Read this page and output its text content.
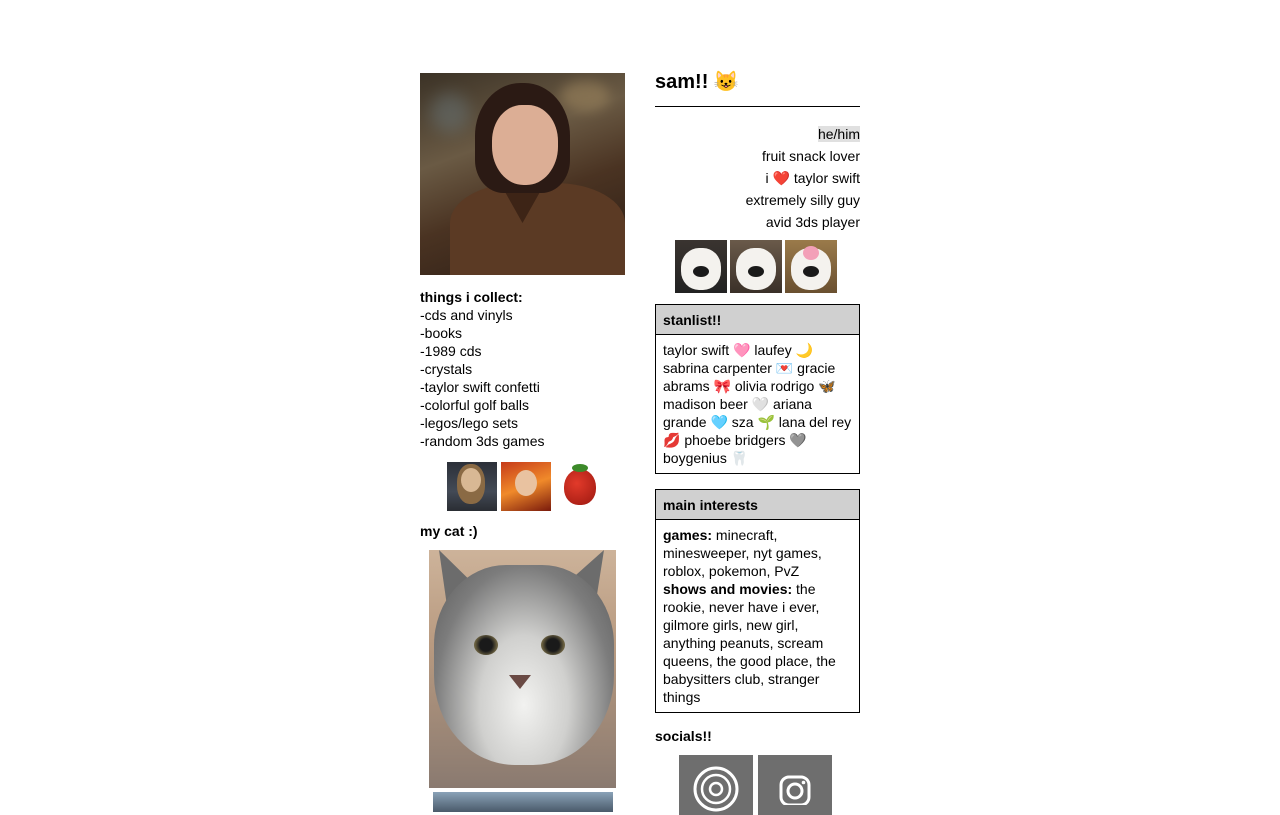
things i collect:
-cds and vinyls
-books
-1989 cds
-crystals
-taylor swift confetti
-colorful golf balls
-legos/lego sets
-random 3ds games
my cat :)
sam!! 😺
he/him
fruit snack lover
i ❤️ taylor swift
extremely silly guy
avid 3ds player
stanlist!!
taylor swift 🩷 laufey 🌙 sabrina carpenter 💌 gracie abrams 🎀 olivia rodrigo 🦋 madison beer 🤍 ariana grande 🩵 sza 🌱 lana del rey 💋 phoebe bridgers 🩶 boygenius 🦷
main interests
games: minecraft, minesweeper, nyt games, roblox, pokemon, PvZ
shows and movies: the rookie, never have i ever, gilmore girls, new girl, anything peanuts, scream queens, the good place, the babysitters club, stranger things
socials!!
